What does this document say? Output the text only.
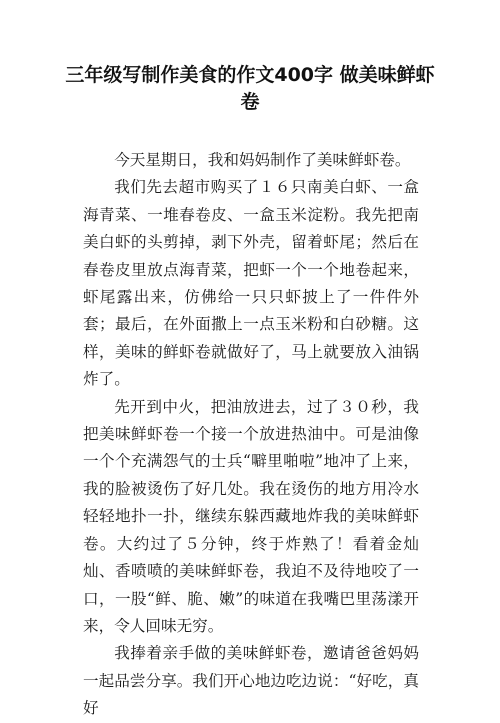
三年级写制作美食的作文400字 做美味鲜虾卷

今天星期日，我和妈妈制作了美味鲜虾卷。

我们先去超市购买了１６只南美白虾、一盒海青菜、一堆春卷皮、一盒玉米淀粉。我先把南美白虾的头剪掉，剥下外壳，留着虾尾；然后在春卷皮里放点海青菜，把虾一个一个地卷起来，虾尾露出来，仿佛给一只只虾披上了一件件外套；最后，在外面撒上一点玉米粉和白砂糖。这样，美味的鲜虾卷就做好了，马上就要放入油锅炸了。

先开到中火，把油放进去，过了３０秒，我把美味鲜虾卷一个接一个放进热油中。可是油像一个个充满怨气的士兵“噼里啪啦”地冲了上来，我的脸被烫伤了好几处。我在烫伤的地方用冷水轻轻地扑一扑，继续东躲西藏地炸我的美味鲜虾卷。大约过了５分钟，终于炸熟了！看着金灿灿、香喷喷的美味鲜虾卷，我迫不及待地咬了一口，一股“鲜、脆、嫩”的味道在我嘴巴里荡漾开来，令人回味无穷。

我捧着亲手做的美味鲜虾卷，邀请爸爸妈妈一起品尝分享。我们开心地边吃边说：“好吃，真好
